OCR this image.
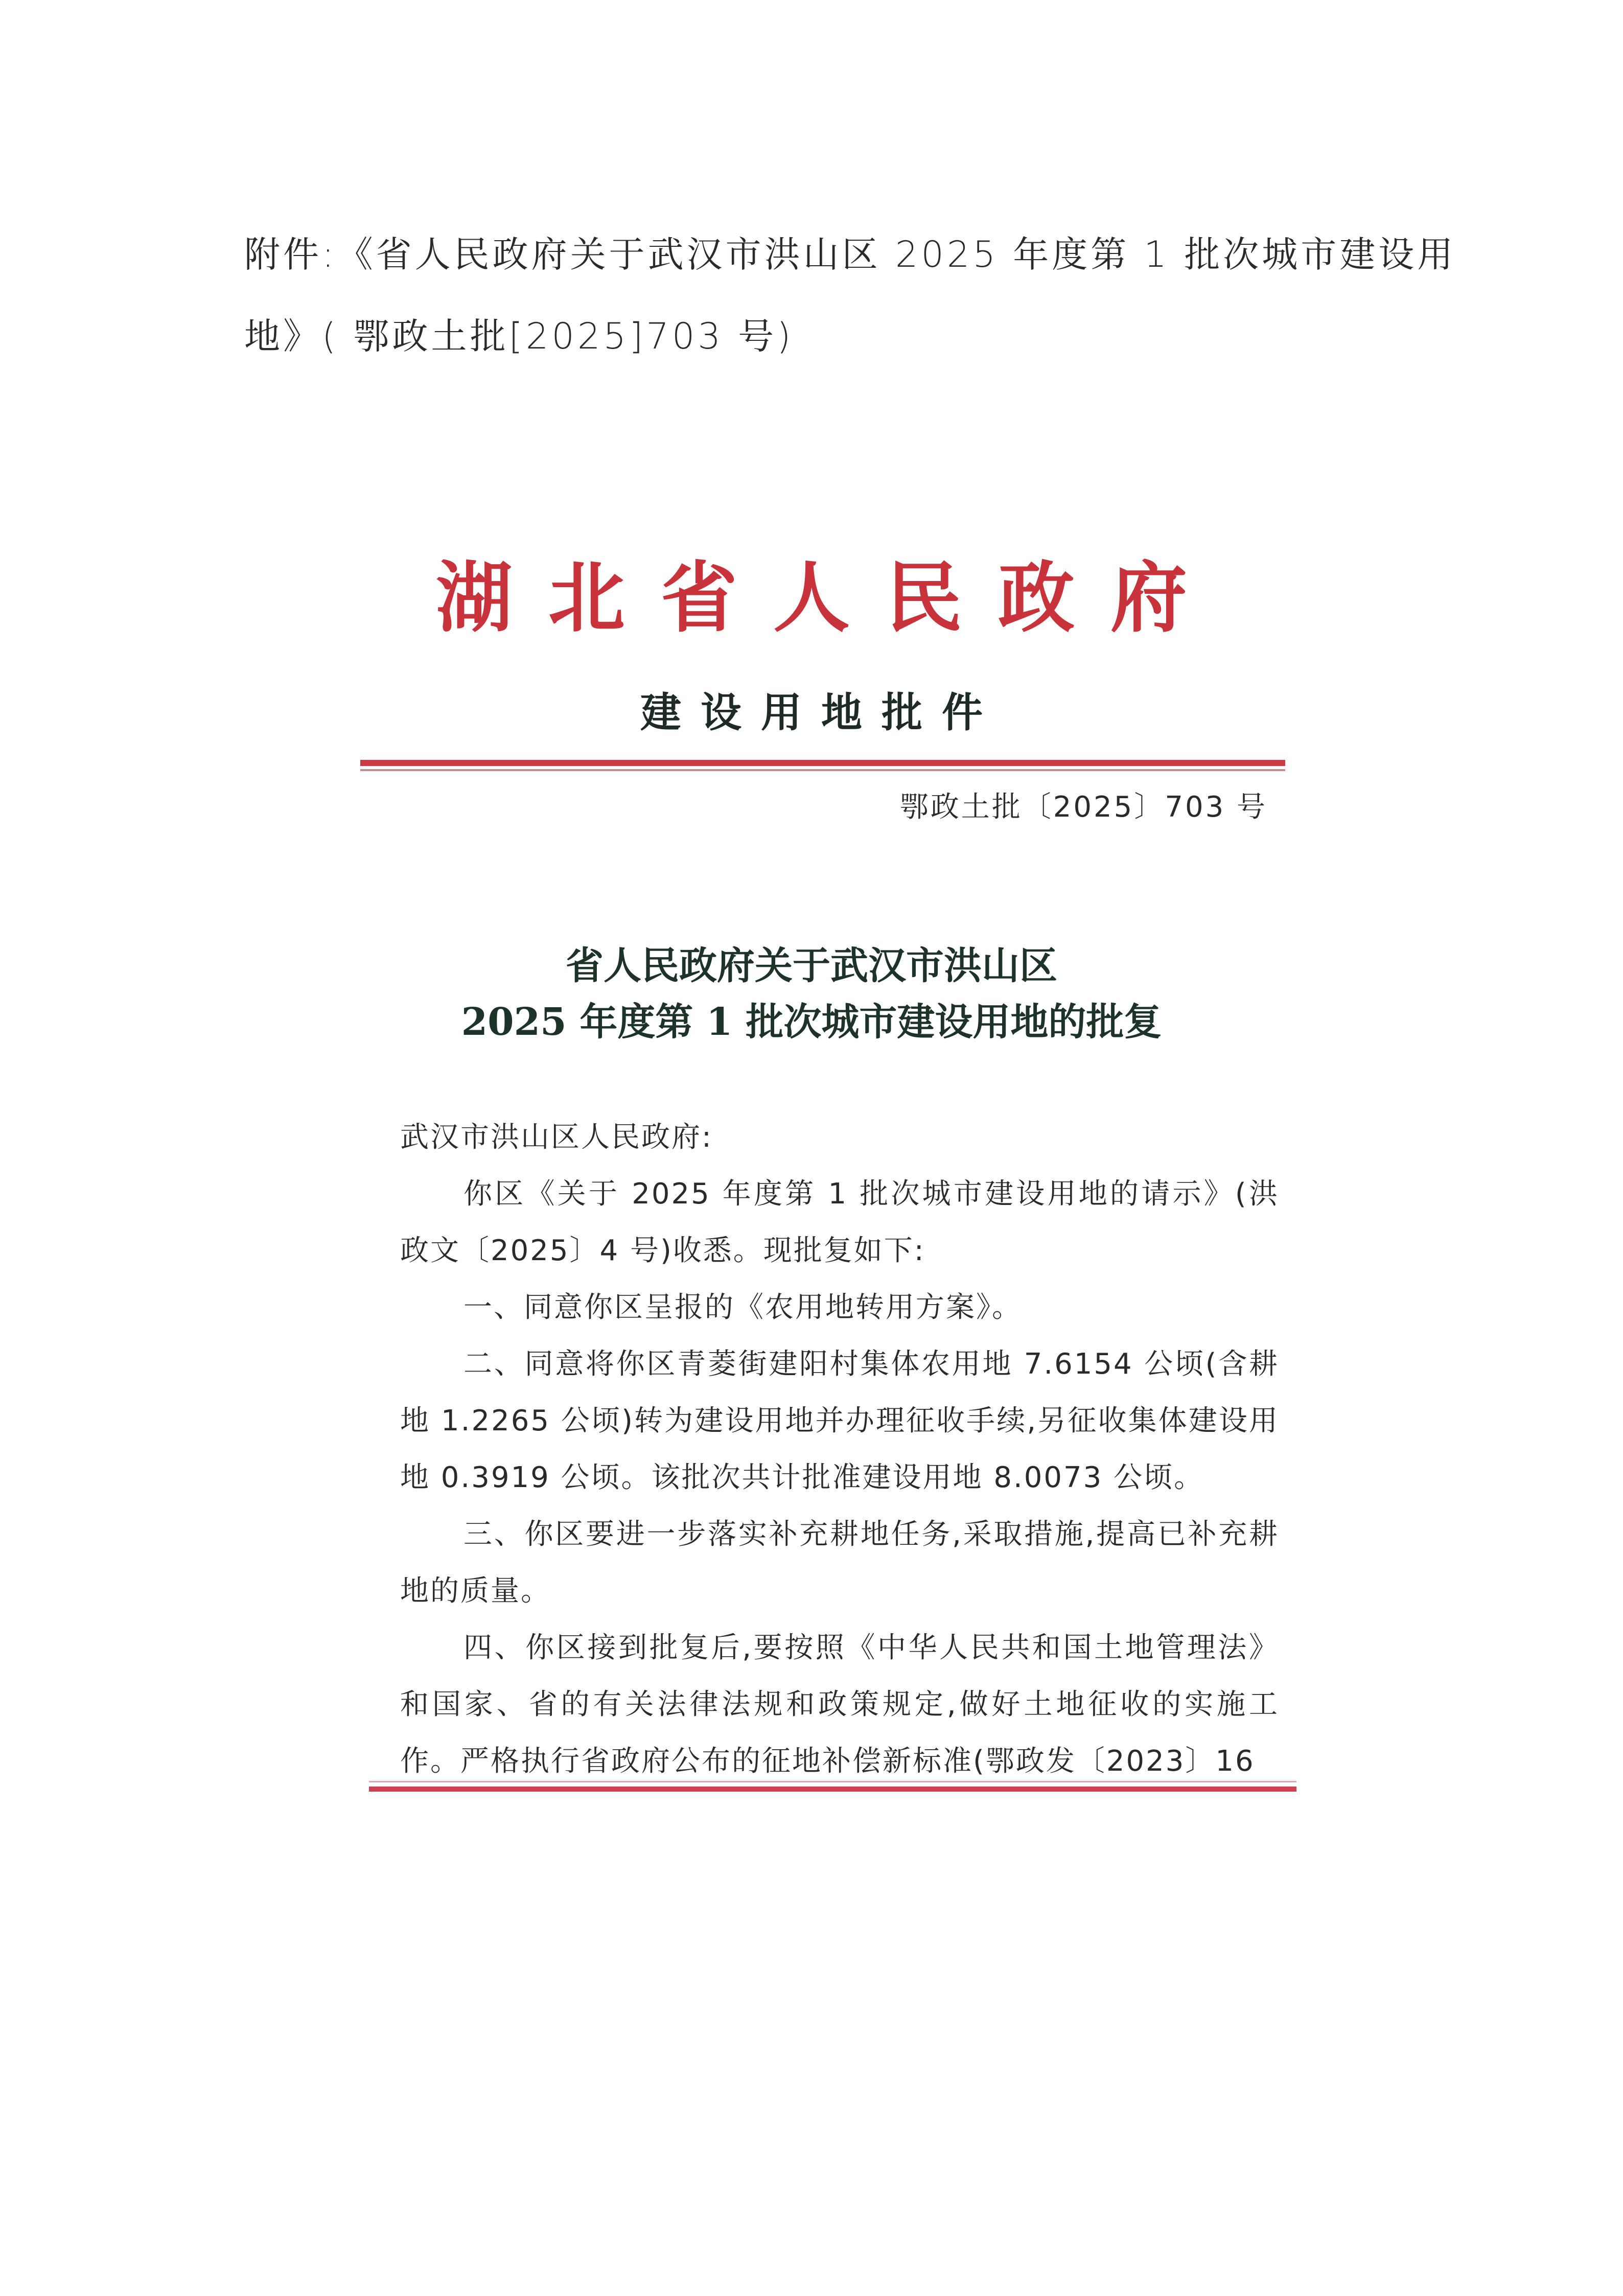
附件:《省人民政府关于武汉市洪山区 2025 年度第 1 批次城市建设用
地》( 鄂政土批[2025]703 号)
湖北省人民政府
建设用地批件
鄂政土批〔2025〕703 号
省人民政府关于武汉市洪山区
2025 年度第 1 批次城市建设用地的批复

武汉市洪山区人民政府:

你区《关于 2025 年度第 1 批次城市建设用地的请示》(洪政文〔2025〕4 号)收悉。现批复如下:

一、同意你区呈报的《农用地转用方案》。

二、同意将你区青菱街建阳村集体农用地 7.6154 公顷(含耕地 1.2265 公顷)转为建设用地并办理征收手续,另征收集体建设用地 0.3919 公顷。该批次共计批准建设用地 8.0073 公顷。

三、你区要进一步落实补充耕地任务,采取措施,提高已补充耕地的质量。

四、你区接到批复后,要按照《中华人民共和国土地管理法》和国家、省的有关法律法规和政策规定,做好土地征收的实施工作。严格执行省政府公布的征地补偿新标准(鄂政发〔2023〕16
